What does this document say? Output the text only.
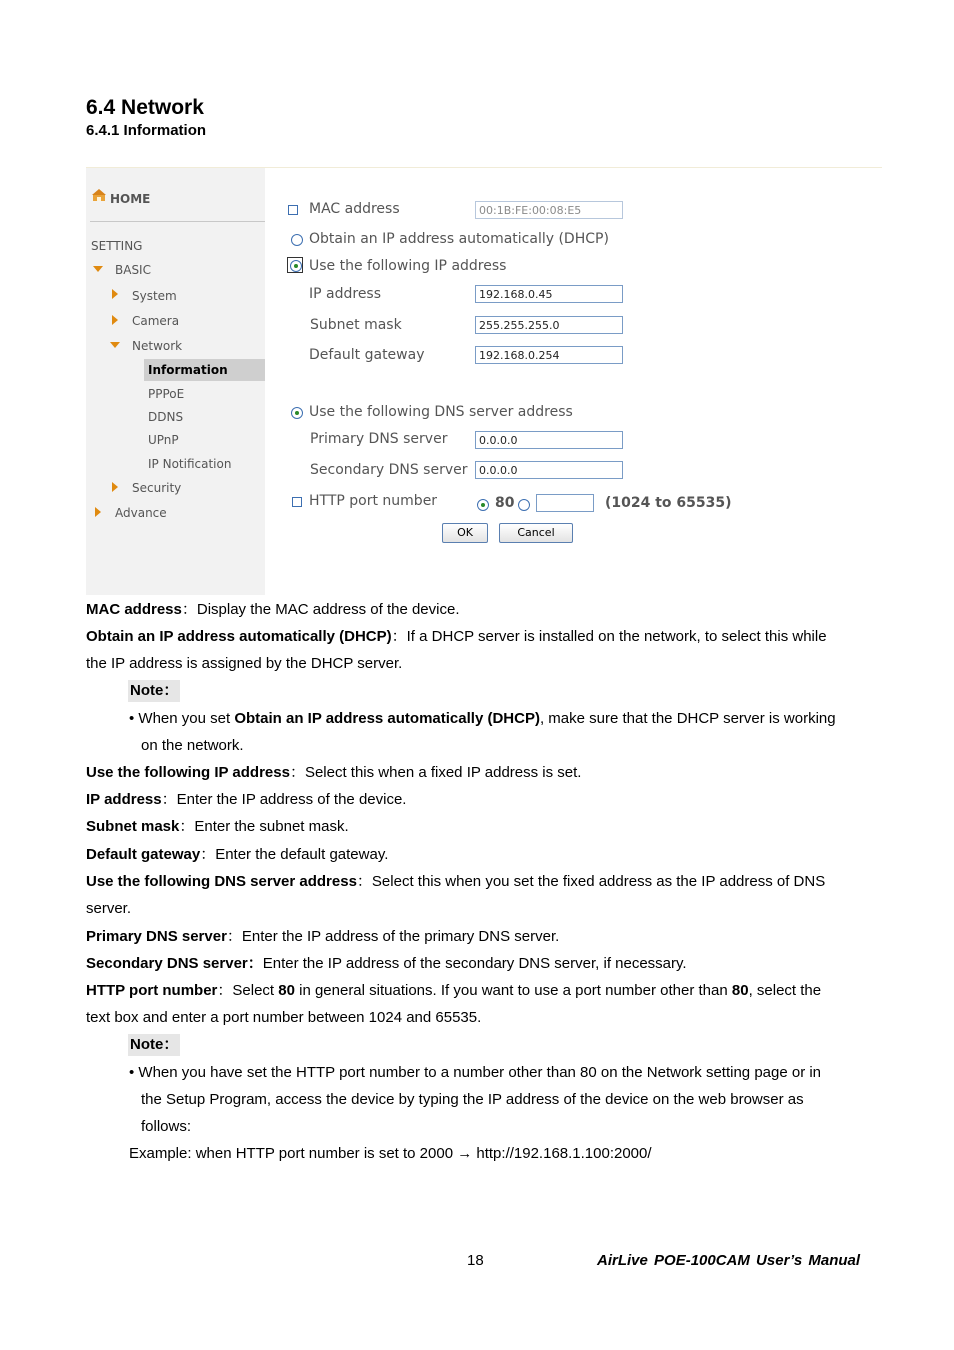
6.4 Network
6.4.1 Information
HOME
SETTING
BASIC
System
Camera
Network
Information
PPPoE
DDNS
UPnP
IP Notification
Security
Advance
MAC address	00:1B:FE:00:08:E5
Obtain an IP address automatically (DHCP)
Use the following IP address
IP address	192.168.0.45
Subnet mask	255.255.255.0
Default gateway	192.168.0.254
Use the following DNS server address
Primary DNS server	0.0.0.0
Secondary DNS server	0.0.0.0
HTTP port number	80	(1024 to 65535)
OK	Cancel
MAC address：Display the MAC address of the device.
Obtain an IP address automatically (DHCP)：If a DHCP server is installed on the network, to select this while
the IP address is assigned by the DHCP server.
Note：
• When you set Obtain an IP address automatically (DHCP), make sure that the DHCP server is working
on the network.
Use the following IP address：Select this when a fixed IP address is set.
IP address：Enter the IP address of the device.
Subnet mask：Enter the subnet mask.
Default gateway：Enter the default gateway.
Use the following DNS server address：Select this when you set the fixed address as the IP address of DNS
server.
Primary DNS server：Enter the IP address of the primary DNS server.
Secondary DNS server：Enter the IP address of the secondary DNS server, if necessary.
HTTP port number：Select 80 in general situations. If you want to use a port number other than 80, select the
text box and enter a port number between 1024 and 65535.
Note：
• When you have set the HTTP port number to a number other than 80 on the Network setting page or in
the Setup Program, access the device by typing the IP address of the device on the web browser as
follows:
Example: when HTTP port number is set to 2000 → http://192.168.1.100:2000/
18	AirLive POE-100CAM User’s Manual
